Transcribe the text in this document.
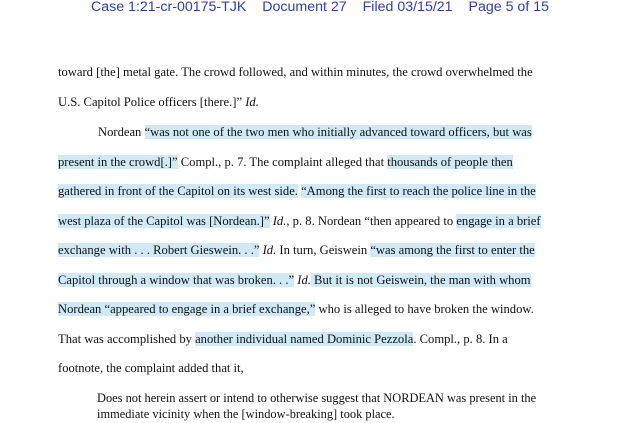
Case 1:21-cr-00175-TJK Document 27 Filed 03/15/21 Page 5 of 15
toward [the] metal gate. The crowd followed, and within minutes, the crowd overwhelmed the
U.S. Capitol Police officers [there.]” Id.
Nordean “was not one of the two men who initially advanced toward officers, but was
present in the crowd[.]” Compl., p. 7. The complaint alleged that thousands of people then
gathered in front of the Capitol on its west side. “Among the first to reach the police line in the
west plaza of the Capitol was [Nordean.]” Id., p. 8. Nordean “then appeared to engage in a brief
exchange with . . . Robert Gieswein. . .” Id. In turn, Geiswein “was among the first to enter the
Capitol through a window that was broken. . .” Id. But it is not Geiswein, the man with whom
Nordean “appeared to engage in a brief exchange,” who is alleged to have broken the window.
That was accomplished by another individual named Dominic Pezzola. Compl., p. 8. In a
footnote, the complaint added that it,
Does not herein assert or intend to otherwise suggest that NORDEAN was present in the
immediate vicinity when the [window-breaking] took place.
